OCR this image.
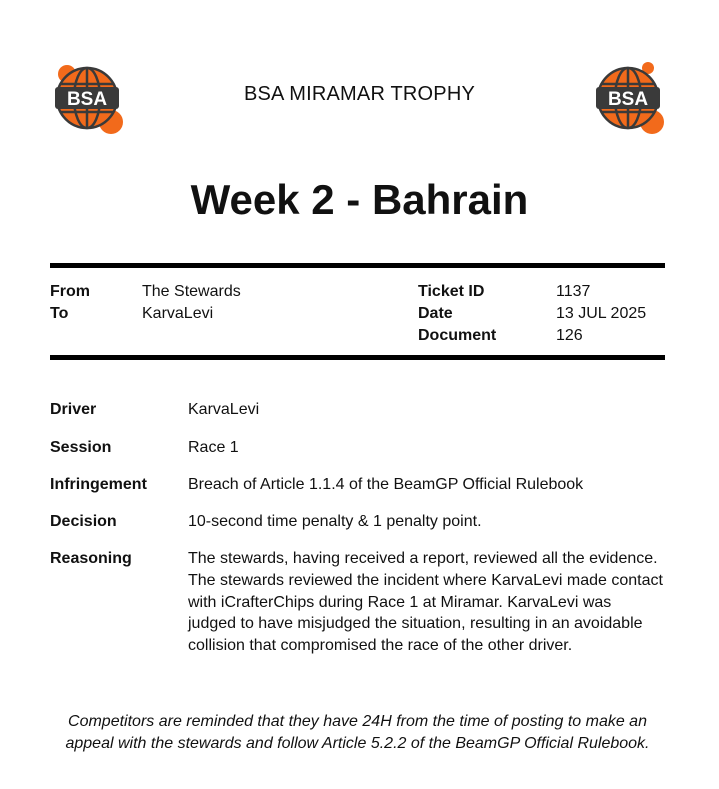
BSA	BSA
BSA MIRAMAR TROPHY
Week 2 - Bahrain
From	The Stewards
To	KarvaLevi
Ticket ID	1137
Date	13 JUL 2025
Document	126
Driver	KarvaLevi
Session	Race 1
Infringement	Breach of Article 1.1.4 of the BeamGP Official Rulebook
Decision	10-second time penalty & 1 penalty point.
Reasoning	The stewards, having received a report, reviewed all the evidence. The stewards reviewed the incident where KarvaLevi made contact with iCrafterChips during Race 1 at Miramar. KarvaLevi was judged to have misjudged the situation, resulting in an avoidable collision that compromised the race of the other driver.
Competitors are reminded that they have 24H from the time of posting to make an appeal with the stewards and follow Article 5.2.2 of the BeamGP Official Rulebook.
